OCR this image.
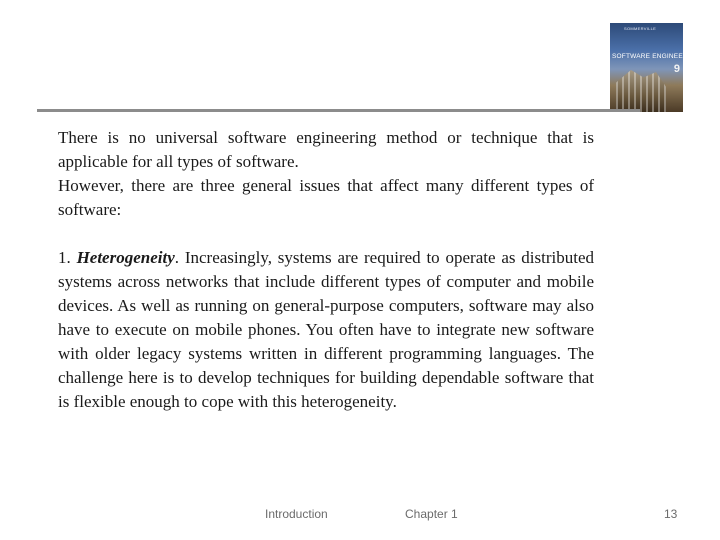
SOMMERVILLE
SOFTWARE ENGINEERING
9

There is no universal software engineering method or technique that is applicable for all types of software.

However, there are three general issues that affect many different types of software:

1. Heterogeneity. Increasingly, systems are required to operate as distributed systems across networks that include different types of computer and mobile devices. As well as running on general-purpose computers, software may also have to execute on mobile phones. You often have to integrate new software with older legacy systems written in different programming languages. The challenge here is to develop techniques for building dependable software that is flexible enough to cope with this heterogeneity.

Introduction	Chapter 1	13
